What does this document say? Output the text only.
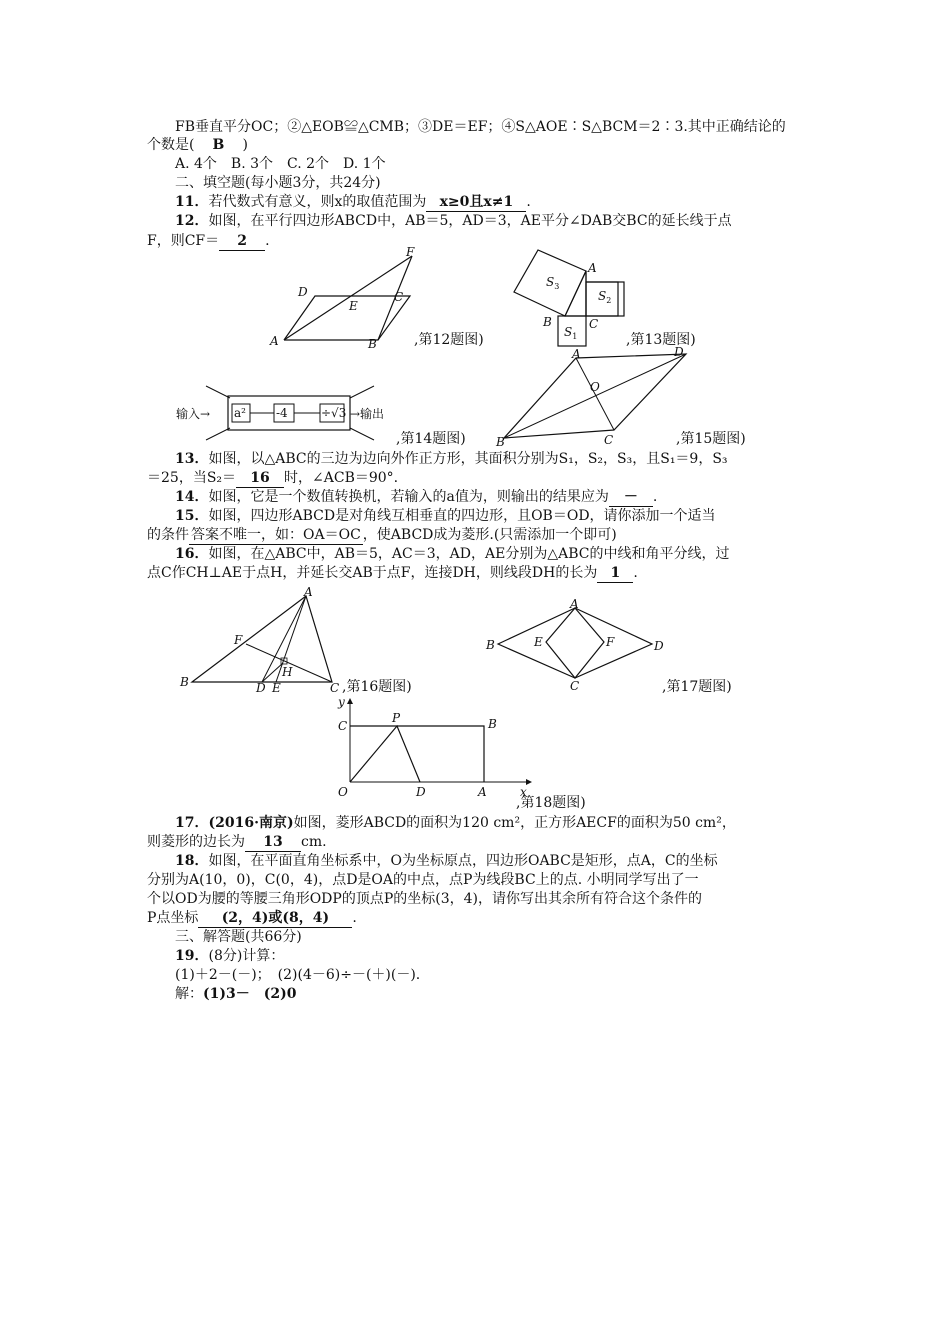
FB垂直平分OC；②△EOB≌△CMB；③DE＝EF；④S△AOE∶S△BCM＝2∶3.其中正确结论的
个数是( B )
A. 4个　B. 3个　C. 2个　D. 1个
二、填空题(每小题3分，共24分)
11．若代数式有意义，则x的取值范围为 x≥0且x≠1 .
12．如图，在平行四边形ABCD中，AB＝5，AD＝3，AE平分∠DAB交BC的延长线于点
F，则CF＝ 2 .
A	B
C
D
E
F
,第12题图)
A
B	C
$S_1$
$S_2$
$S_3$
,第13题图)
a²	-4	÷√3
输入→	→输出
,第14题图)
A
B	C
D
O
,第15题图)
13．如图，以△ABC的三边为边向外作正方形，其面积分别为S₁，S₂，S₃，且S₁＝9，S₃
＝25，当S₂＝ 16 时，∠ACB＝90°.
14．如图，它是一个数值转换机，若输入的a值为，则输出的结果应为 － .
15．如图，四边形ABCD是对角线互相垂直的四边形，且OB＝OD，请你添加一个适当
的条件 答案不唯一，如：OA＝OC ，使ABCD成为菱形.(只需添加一个即可)
16．如图，在△ABC中，AB＝5，AC＝3，AD，AE分别为△ABC的中线和角平分线，过
点C作CH⊥AE于点H，并延长交AB于点F，连接DH，则线段DH的长为 1 .
A
B	C
D E
F
H
,第16题图)
A
B
C
D
E	F
,第17题图)
O	A
B
C
D
P
x
y
,第18题图)
17．(2016·南京)如图，菱形ABCD的面积为120 cm²，正方形AECF的面积为50 cm²，
则菱形的边长为 13 cm.
18．如图，在平面直角坐标系中，O为坐标原点，四边形OABC是矩形，点A，C的坐标
分别为A(10，0)，C(0，4)，点D是OA的中点，点P为线段BC上的点. 小明同学写出了一
个以OD为腰的等腰三角形ODP的顶点P的坐标(3，4)，请你写出其余所有符合这个条件的
P点坐标 (2，4)或(8，4) .
三、解答题(共66分)
19．(8分)计算：
(1)＋2－(－)；　(2)(4－6)÷－(＋)(－).
解：(1)3－　(2)0
